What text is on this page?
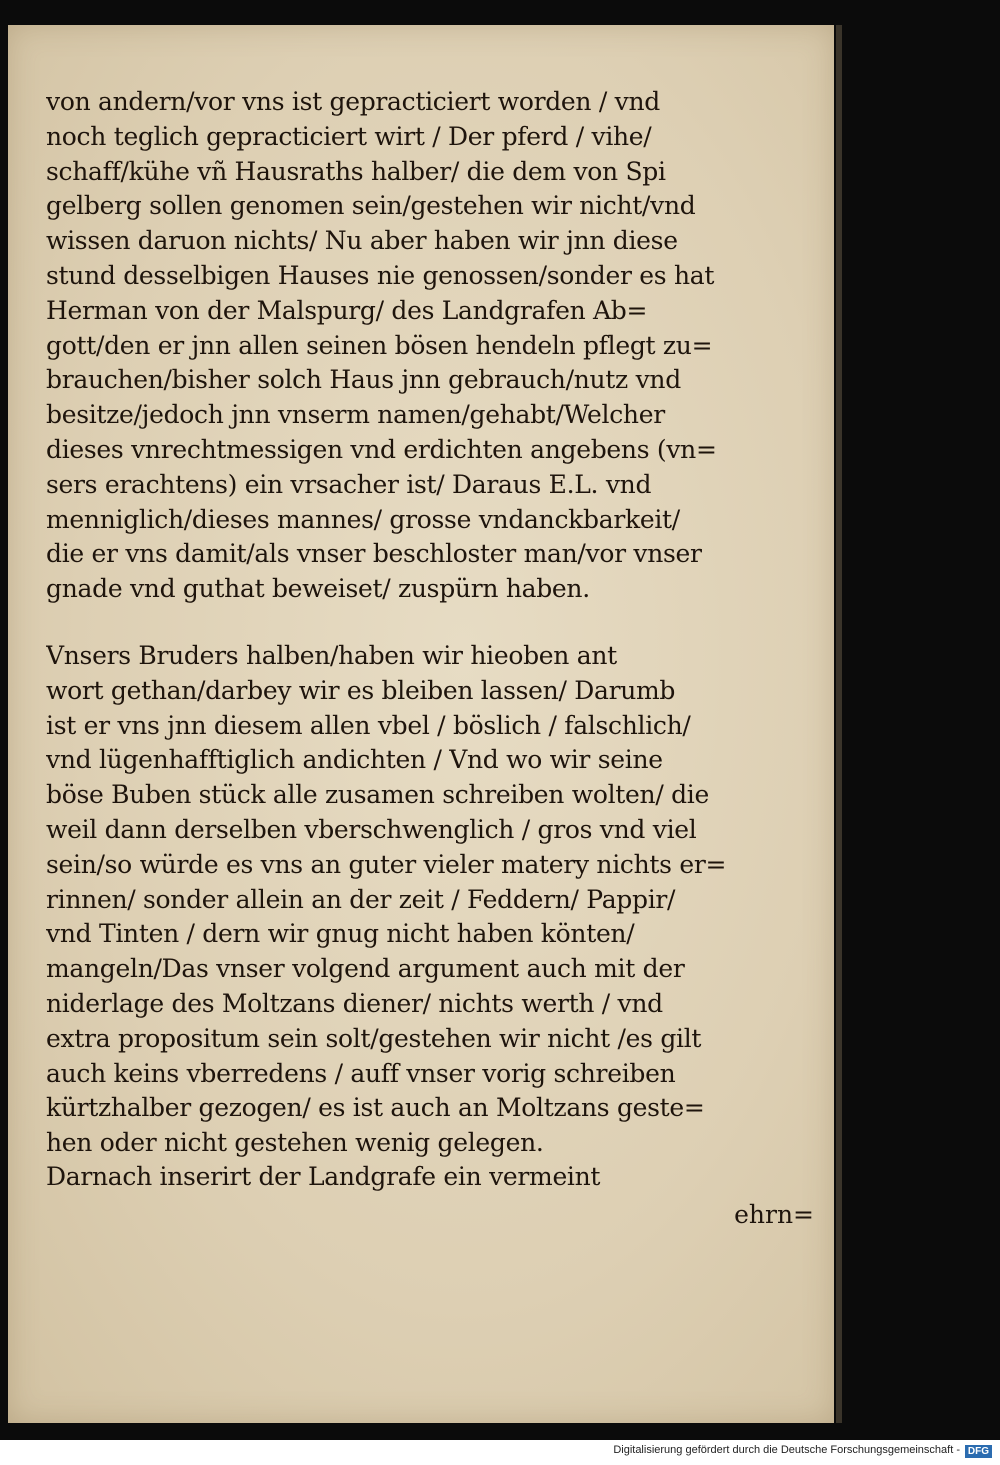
von andern/vor vns ist gepracticiert worden / vnd
noch teglich gepracticiert wirt / Der pferd / vihe/
schaff/kühe vñ Hausraths halber/ die dem von Spi
gelberg sollen genomen sein/gestehen wir nicht/vnd
wissen daruon nichts/ Nu aber haben wir jnn diese
stund desselbigen Hauses nie genossen/sonder es hat
Herman von der Malspurg/ des Landgrafen Ab=
gott/den er jnn allen seinen bösen hendeln pflegt zu=
brauchen/bisher solch Haus jnn gebrauch/nutz vnd
besitze/jedoch jnn vnserm namen/gehabt/Welcher
dieses vnrechtmessigen vnd erdichten angebens (vn=
sers erachtens) ein vrsacher ist/ Daraus E.L. vnd
menniglich/dieses mannes/ grosse vndanckbarkeit/
die er vns damit/als vnser beschloster man/vor vnser
gnade vnd guthat beweiset/ zuspürn haben.

Vnsers Bruders halben/haben wir hieoben ant
wort gethan/darbey wir es bleiben lassen/ Darumb
ist er vns jnn diesem allen vbel / böslich / falschlich/
vnd lügenhafftiglich andichten / Vnd wo wir seine
böse Buben stück alle zusamen schreiben wolten/ die
weil dann derselben vberschwenglich / gros vnd viel
sein/so würde es vns an guter vieler matery nichts er=
rinnen/ sonder allein an der zeit / Feddern/ Pappir/
vnd Tinten / dern wir gnug nicht haben könten/
mangeln/Das vnser volgend argument auch mit der
niderlage des Moltzans diener/ nichts werth / vnd
extra propositum sein solt/gestehen wir nicht /es gilt
auch keins vberredens / auff vnser vorig schreiben
kürtzhalber gezogen/ es ist auch an Moltzans geste=
hen oder nicht gestehen wenig gelegen.

Darnach inserirt der Landgrafe ein vermeint

ehrn=
Digitalisierung gefördert durch die Deutsche Forschungsgemeinschaft - DFG
